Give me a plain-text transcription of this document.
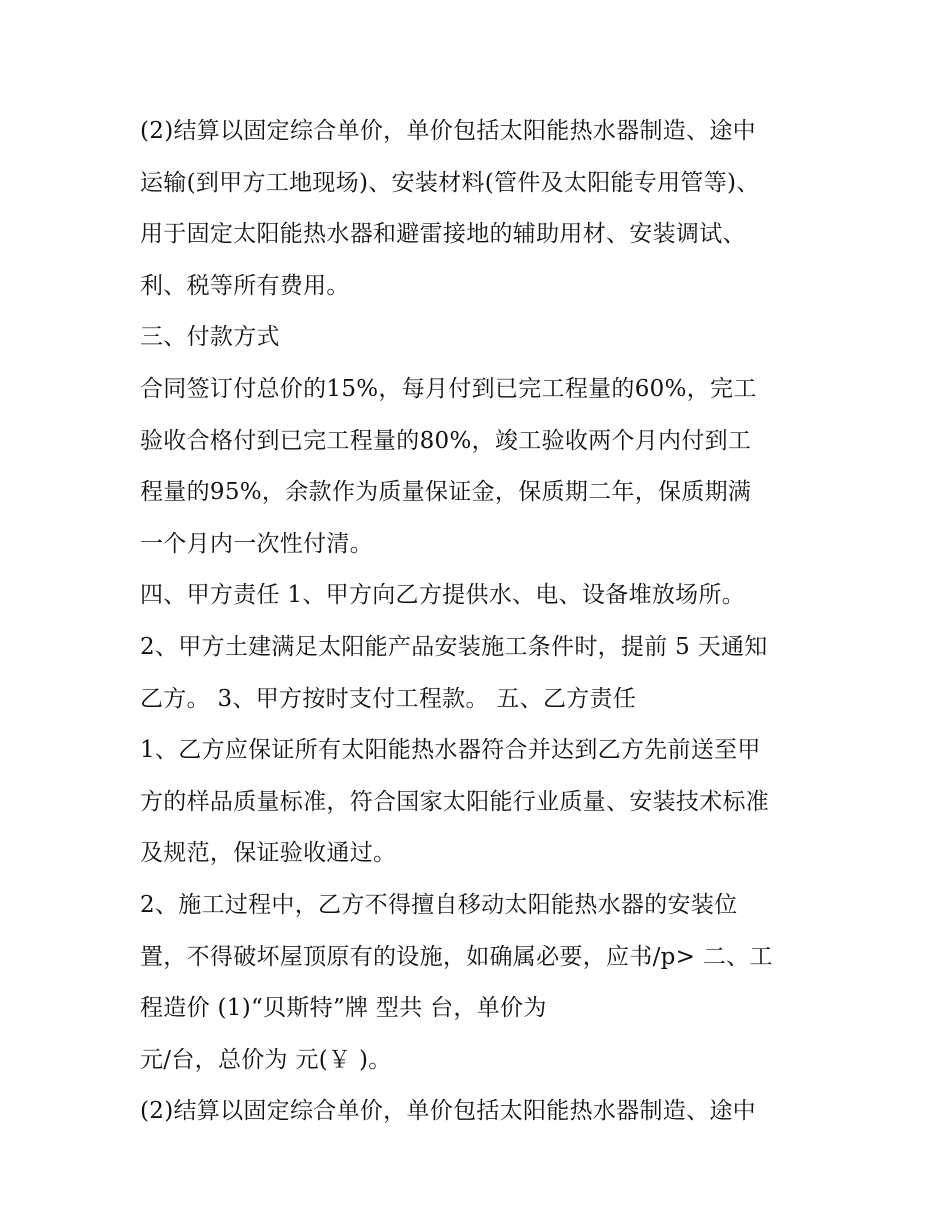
(2)结算以固定综合单价，单价包括太阳能热水器制造、途中
运输(到甲方工地现场)、安装材料(管件及太阳能专用管等)、
用于固定太阳能热水器和避雷接地的辅助用材、安装调试、
利、税等所有费用。
三、付款方式
合同签订付总价的15%，每月付到已完工程量的60%，完工
验收合格付到已完工程量的80%，竣工验收两个月内付到工
程量的95%，余款作为质量保证金，保质期二年，保质期满
一个月内一次性付清。
四、甲方责任 1、甲方向乙方提供水、电、设备堆放场所。
2、甲方土建满足太阳能产品安装施工条件时，提前 5 天通知
乙方。 3、甲方按时支付工程款。 五、乙方责任
1、乙方应保证所有太阳能热水器符合并达到乙方先前送至甲
方的样品质量标准，符合国家太阳能行业质量、安装技术标准
及规范，保证验收通过。
2、施工过程中，乙方不得擅自移动太阳能热水器的安装位
置，不得破坏屋顶原有的设施，如确属必要，应书/p> 二、工
程造价 (1)“贝斯特”牌 型共 台，单价为
元/台，总价为 元(￥ )。
(2)结算以固定综合单价，单价包括太阳能热水器制造、途中
